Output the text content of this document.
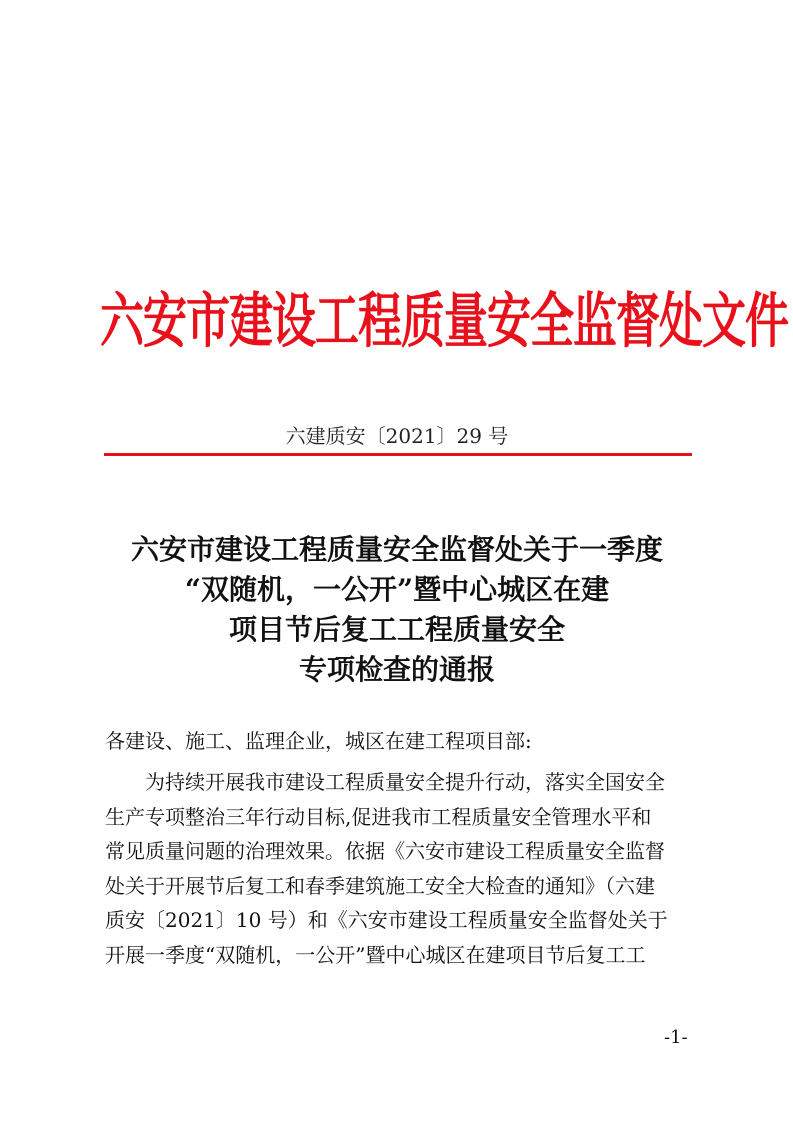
六安市建设工程质量安全监督处文件
六建质安〔2021〕29 号
六安市建设工程质量安全监督处关于一季度
“双随机，一公开”暨中心城区在建
项目节后复工工程质量安全
专项检查的通报
各建设、施工、监理企业，城区在建工程项目部:
为持续开展我市建设工程质量安全提升行动，落实全国安全
生产专项整治三年行动目标,促进我市工程质量安全管理水平和
常见质量问题的治理效果。依据《六安市建设工程质量安全监督
处关于开展节后复工和春季建筑施工安全大检查的通知》（六建
质安〔2021〕10 号）和《六安市建设工程质量安全监督处关于
开展一季度“双随机，一公开”暨中心城区在建项目节后复工工
-1-
